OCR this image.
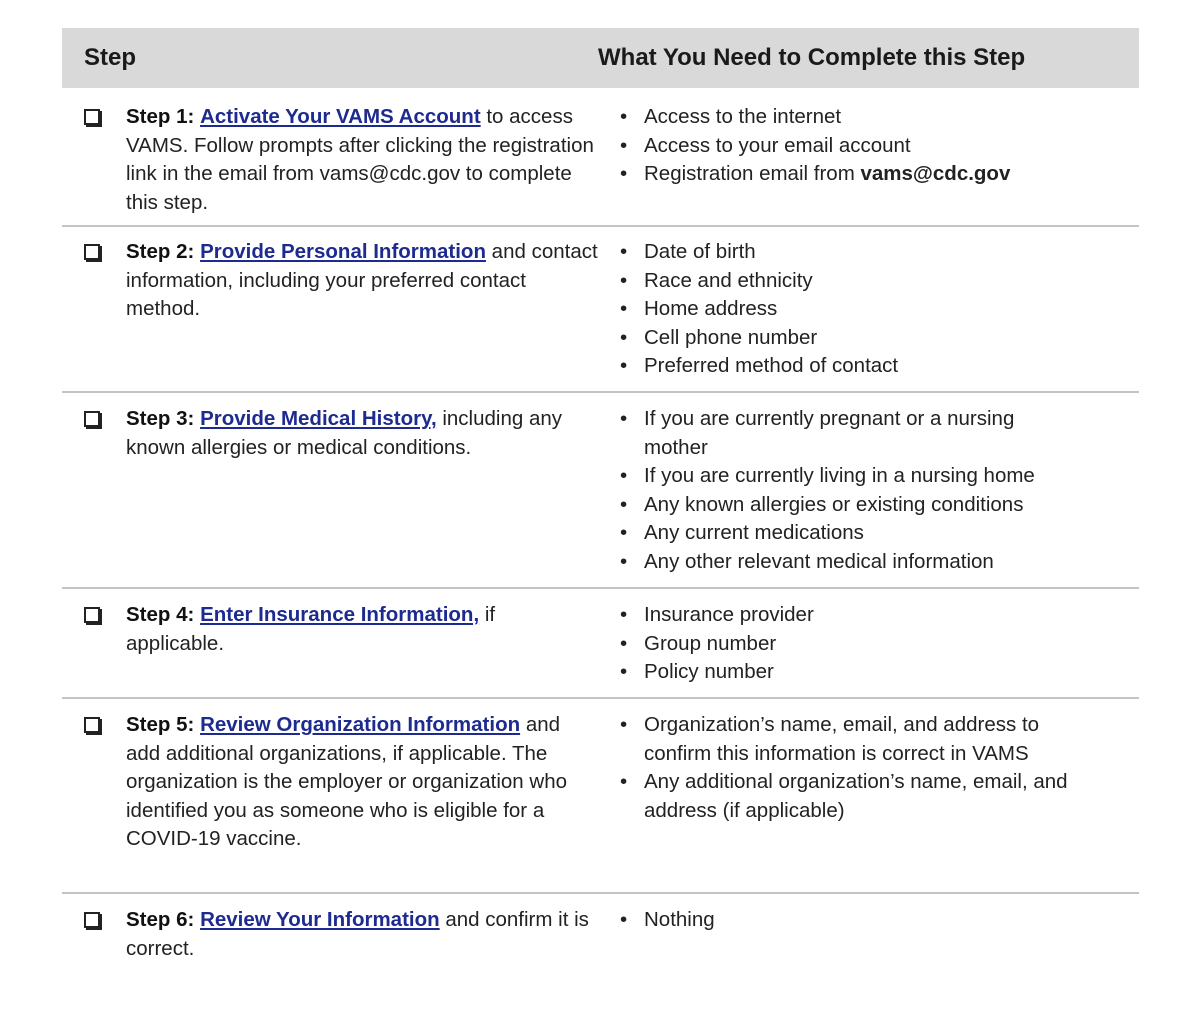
Step	What You Need to Complete this Step
Step 1: Activate Your VAMS Account to access VAMS. Follow prompts after clicking the registration link in the email from vams@cdc.gov to complete this step.
• Access to the internet
• Access to your email account
• Registration email from vams@cdc.gov
Step 2: Provide Personal Information and contact information, including your preferred contact method.
• Date of birth
• Race and ethnicity
• Home address
• Cell phone number
• Preferred method of contact
Step 3: Provide Medical History, including any known allergies or medical conditions.
• If you are currently pregnant or a nursing mother
• If you are currently living in a nursing home
• Any known allergies or existing conditions
• Any current medications
• Any other relevant medical information
Step 4: Enter Insurance Information, if applicable.
• Insurance provider
• Group number
• Policy number
Step 5: Review Organization Information and add additional organizations, if applicable. The organization is the employer or organization who identified you as someone who is eligible for a COVID-19 vaccine.
• Organization’s name, email, and address to confirm this information is correct in VAMS
• Any additional organization’s name, email, and address (if applicable)
Step 6: Review Your Information and confirm it is correct.
• Nothing
